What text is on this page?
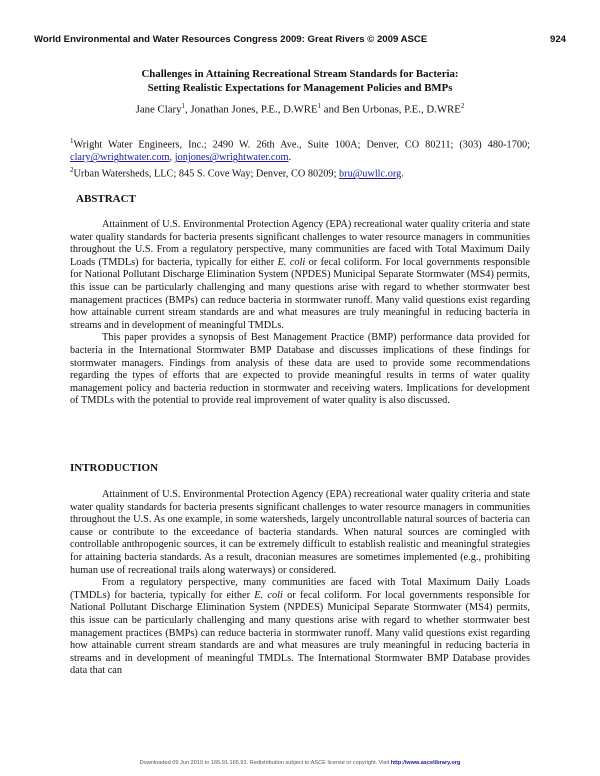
World Environmental and Water Resources Congress 2009: Great Rivers © 2009 ASCE	924
Challenges in Attaining Recreational Stream Standards for Bacteria:
Setting Realistic Expectations for Management Policies and BMPs
Jane Clary$^1$, Jonathan Jones, P.E., D.WRE$^1$ and Ben Urbonas, P.E., D.WRE$^2$
$^1$Wright Water Engineers, Inc.; 2490 W. 26th Ave., Suite 100A; Denver, CO 80211; (303) 480-1700; clary@wrightwater.com, jonjones@wrightwater.com.
$^2$Urban Watersheds, LLC; 845 S. Cove Way; Denver, CO 80209; bru@uwllc.org.
ABSTRACT

Attainment of U.S. Environmental Protection Agency (EPA) recreational water quality criteria and state water quality standards for bacteria presents significant challenges to water resource managers in communities throughout the U.S. From a regulatory perspective, many communities are faced with Total Maximum Daily Loads (TMDLs) for bacteria, typically for either E. coli or fecal coliform. For local governments responsible for National Pollutant Discharge Elimination System (NPDES) Municipal Separate Stormwater (MS4) permits, this issue can be particularly challenging and many questions arise with regard to whether stormwater best management practices (BMPs) can reduce bacteria in stormwater runoff. Many valid questions exist regarding how attainable current stream standards are and what measures are truly meaningful in reducing bacteria in streams and in development of meaningful TMDLs.

This paper provides a synopsis of Best Management Practice (BMP) performance data provided for bacteria in the International Stormwater BMP Database and discusses implications of these findings for stormwater managers. Findings from analysis of these data are used to provide some recommendations regarding the types of efforts that are expected to provide meaningful results in terms of water quality management policy and bacteria reduction in stormwater and receiving waters. Implications for development of TMDLs with the potential to provide real improvement of water quality is also discussed.

INTRODUCTION

Attainment of U.S. Environmental Protection Agency (EPA) recreational water quality criteria and state water quality standards for bacteria presents significant challenges to water resource managers in communities throughout the U.S. As one example, in some watersheds, largely uncontrollable natural sources of bacteria can cause or contribute to the exceedance of bacteria standards. When natural sources are comingled with controllable anthropogenic sources, it can be extremely difficult to establish realistic and meaningful strategies for attaining bacteria standards. As a result, draconian measures are sometimes implemented (e.g., prohibiting human use of recreational trails along waterways) or considered.

From a regulatory perspective, many communities are faced with Total Maximum Daily Loads (TMDLs) for bacteria, typically for either E. coli or fecal coliform. For local governments responsible for National Pollutant Discharge Elimination System (NPDES) Municipal Separate Stormwater (MS4) permits, this issue can be particularly challenging and many questions arise with regard to whether stormwater best management practices (BMPs) can reduce bacteria in stormwater runoff. Many valid questions exist regarding how attainable current stream standards are and what measures are truly meaningful in reducing bacteria in streams and in development of meaningful TMDLs. The International Stormwater BMP Database provides data that can

Downloaded 09 Jun 2010 to 165.91.165.91. Redistribution subject to ASCE license or copyright. Visit http://www.ascelibrary.org
